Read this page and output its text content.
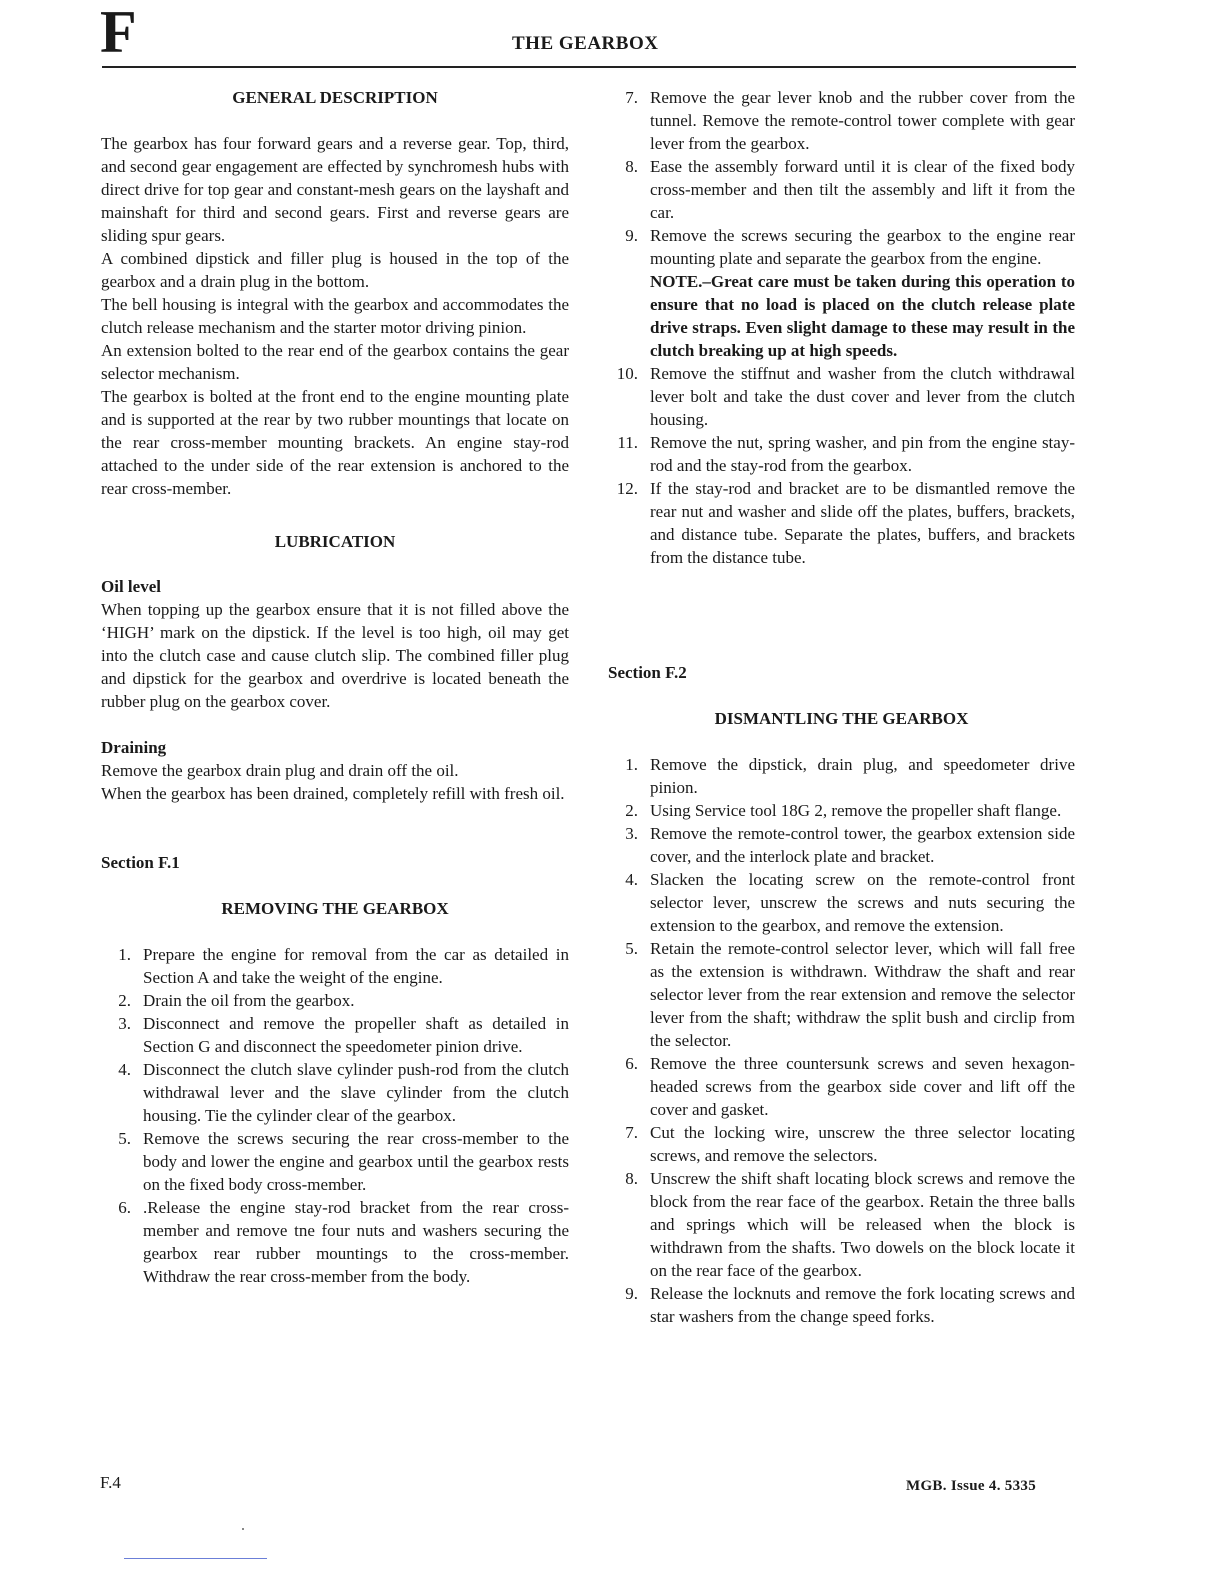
F	THE GEARBOX

GENERAL DESCRIPTION

The gearbox has four forward gears and a reverse gear. Top, third, and second gear engagement are effected by synchromesh hubs with direct drive for top gear and constant-mesh gears on the layshaft and mainshaft for third and second gears. First and reverse gears are sliding spur gears.

A combined dipstick and filler plug is housed in the top of the gearbox and a drain plug in the bottom.

The bell housing is integral with the gearbox and accommodates the clutch release mechanism and the starter motor driving pinion.

An extension bolted to the rear end of the gearbox contains the gear selector mechanism.

The gearbox is bolted at the front end to the engine mounting plate and is supported at the rear by two rubber mountings that locate on the rear cross-member mounting brackets. An engine stay-rod attached to the under side of the rear extension is anchored to the rear cross-member.

LUBRICATION

Oil level

When topping up the gearbox ensure that it is not filled above the ‘HIGH’ mark on the dipstick. If the level is too high, oil may get into the clutch case and cause clutch slip. The combined filler plug and dipstick for the gearbox and overdrive is located beneath the rubber plug on the gearbox cover.

Draining

Remove the gearbox drain plug and drain off the oil.

When the gearbox has been drained, completely refill with fresh oil.

Section F.1

REMOVING THE GEARBOX

1. Prepare the engine for removal from the car as detailed in Section A and take the weight of the engine.
2. Drain the oil from the gearbox.
3. Disconnect and remove the propeller shaft as detailed in Section G and disconnect the speedometer pinion drive.
4. Disconnect the clutch slave cylinder push-rod from the clutch withdrawal lever and the slave cylinder from the clutch housing. Tie the cylinder clear of the gearbox.
5. Remove the screws securing the rear cross-member to the body and lower the engine and gearbox until the gearbox rests on the fixed body cross-member.
6. .Release the engine stay-rod bracket from the rear cross-member and remove tne four nuts and washers securing the gearbox rear rubber mountings to the cross-member. Withdraw the rear cross-member from the body.
7. Remove the gear lever knob and the rubber cover from the tunnel. Remove the remote-control tower complete with gear lever from the gearbox.
8. Ease the assembly forward until it is clear of the fixed body cross-member and then tilt the assembly and lift it from the car.
9. Remove the screws securing the gearbox to the engine rear mounting plate and separate the gearbox from the engine.
NOTE.–Great care must be taken during this operation to ensure that no load is placed on the clutch release plate drive straps. Even slight damage to these may result in the clutch breaking up at high speeds.
10. Remove the stiffnut and washer from the clutch withdrawal lever bolt and take the dust cover and lever from the clutch housing.
11. Remove the nut, spring washer, and pin from the engine stay-rod and the stay-rod from the gearbox.
12. If the stay-rod and bracket are to be dismantled remove the rear nut and washer and slide off the plates, buffers, brackets, and distance tube. Separate the plates, buffers, and brackets from the distance tube.

Section F.2

DISMANTLING THE GEARBOX

1. Remove the dipstick, drain plug, and speedometer drive pinion.
2. Using Service tool 18G 2, remove the propeller shaft flange.
3. Remove the remote-control tower, the gearbox extension side cover, and the interlock plate and bracket.
4. Slacken the locating screw on the remote-control front selector lever, unscrew the screws and nuts securing the extension to the gearbox, and remove the extension.
5. Retain the remote-control selector lever, which will fall free as the extension is withdrawn. Withdraw the shaft and rear selector lever from the rear extension and remove the selector lever from the shaft; withdraw the split bush and circlip from the selector.
6. Remove the three countersunk screws and seven hexagon-headed screws from the gearbox side cover and lift off the cover and gasket.
7. Cut the locking wire, unscrew the three selector locating screws, and remove the selectors.
8. Unscrew the shift shaft locating block screws and remove the block from the rear face of the gearbox. Retain the three balls and springs which will be released when the block is withdrawn from the shafts. Two dowels on the block locate it on the rear face of the gearbox.
9. Release the locknuts and remove the fork locating screws and star washers from the change speed forks.
F.4	MGB. Issue 4. 5335
